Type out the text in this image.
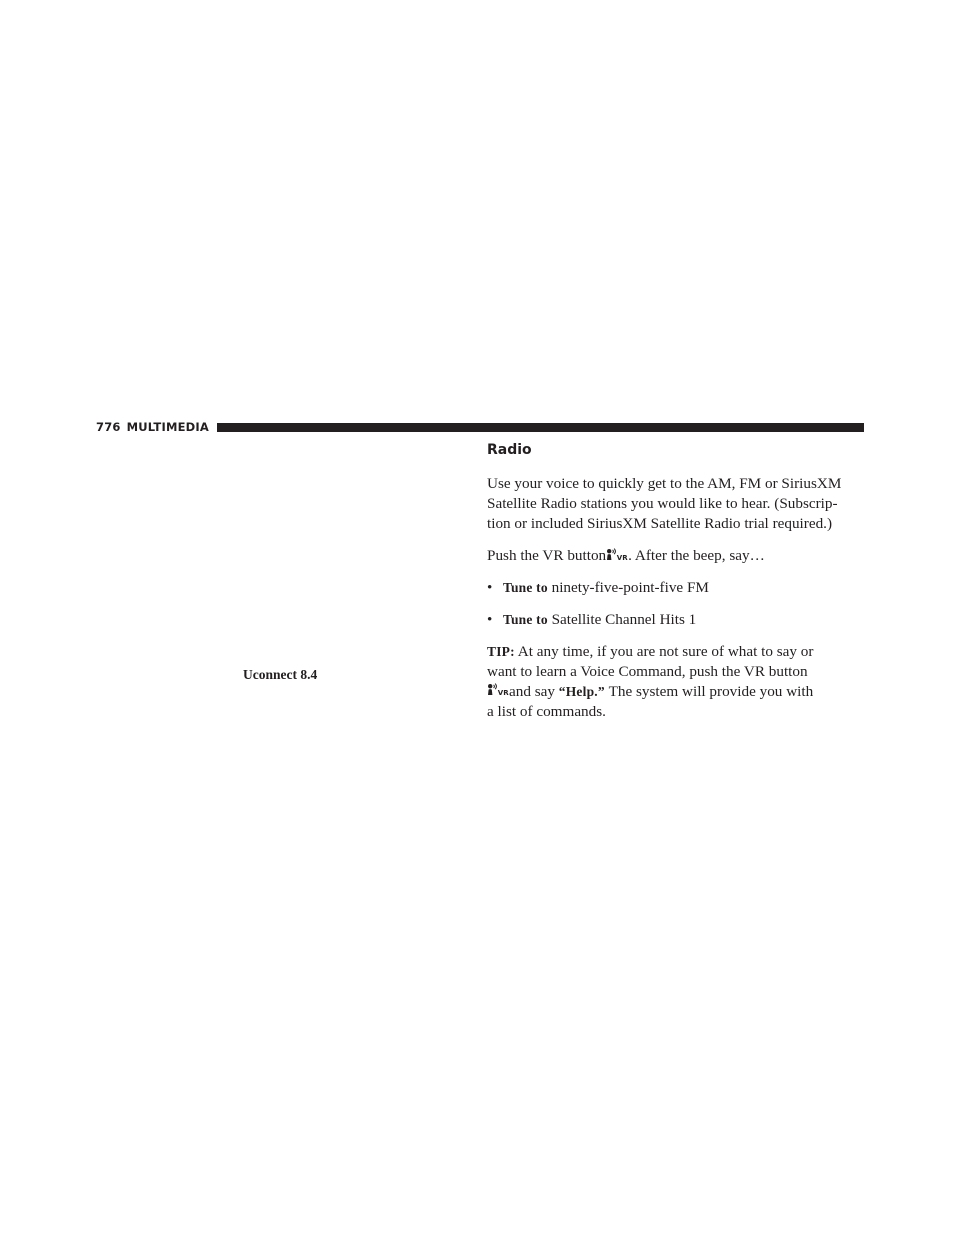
776 MULTIMEDIA
Uconnect 8.4
Radio
Use your voice to quickly get to the AM, FM or SiriusXM
Satellite Radio stations you would like to hear. (Subscrip-
tion or included SiriusXM Satellite Radio trial required.)
Push the VR button VR . After the beep, say…
• Tune to ninety-five-point-five FM
• Tune to Satellite Channel Hits 1
TIP: At any time, if you are not sure of what to say or
want to learn a Voice Command, push the VR button
VR and say
“Help.”
The system will provide you with
a list of commands.
